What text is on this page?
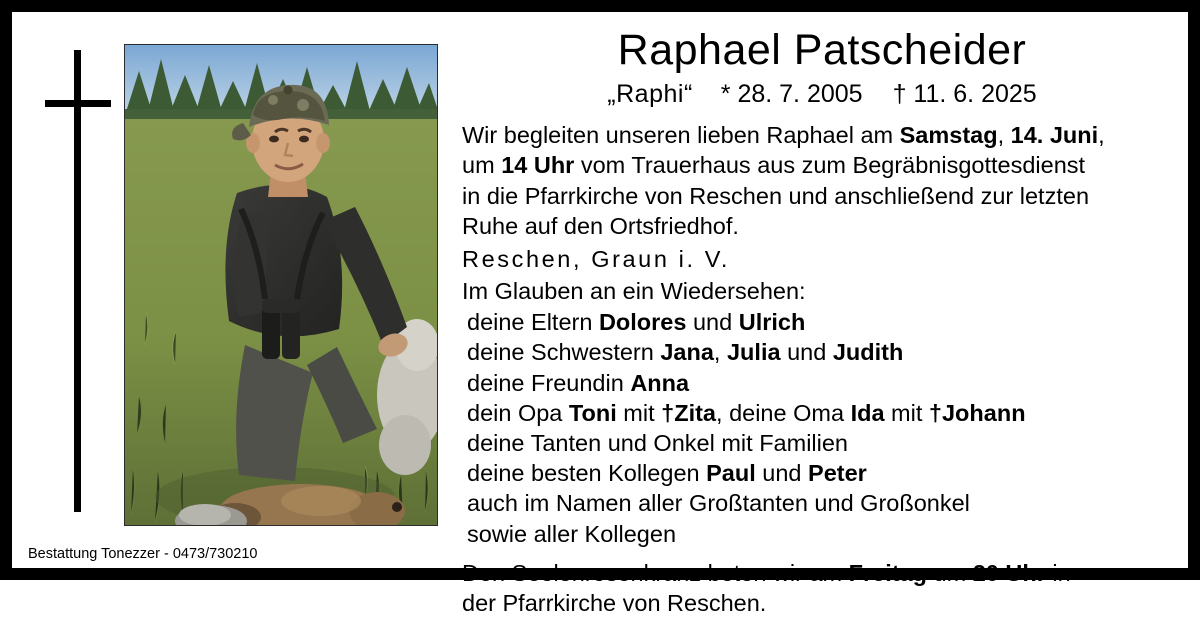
Raphael Patscheider
„Raphi“ * 28. 7. 2005 † 11. 6. 2025

Wir begleiten unseren lieben Raphael am Samstag, 14. Juni,

um 14 Uhr vom Trauerhaus aus zum Begräbnisgottesdienst

in die Pfarrkirche von Reschen und anschließend zur letzten

Ruhe auf den Ortsfriedhof.

Reschen, Graun i. V.
Im Glauben an ein Wiedersehen:

deine Eltern Dolores und Ulrich

deine Schwestern Jana, Julia und Judith

deine Freundin Anna

dein Opa Toni mit †Zita, deine Oma Ida mit †Johann

deine Tanten und Onkel mit Familien

deine besten Kollegen Paul und Peter

auch im Namen aller Großtanten und Großonkel

sowie aller Kollegen

Den Seelenrosenkranz beten wir am Freitag um 20 Uhr in

der Pfarrkirche von Reschen.

Bestattung Tonezzer - 0473/730210
